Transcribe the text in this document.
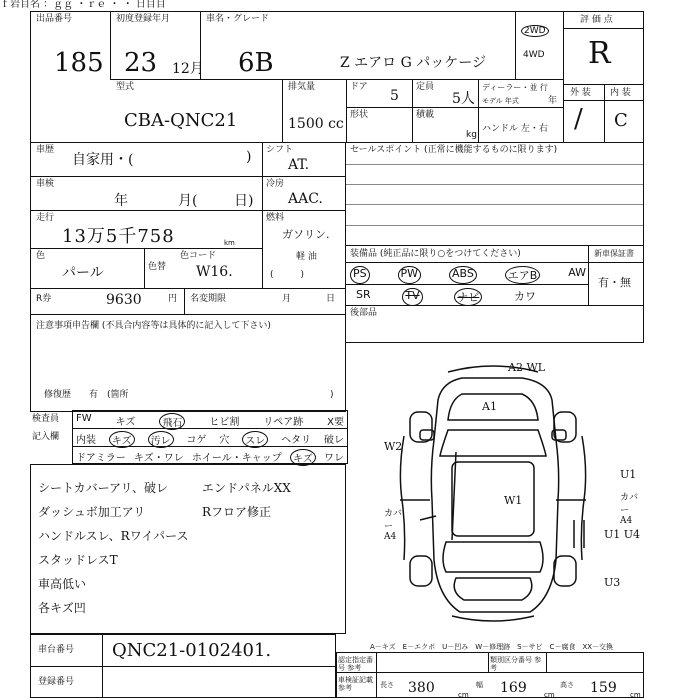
ｆ岩目名 ：ｇｇ ・ｒｅ ・ ・ 日目目
出品番号
185
初度登録年月
23 12月
車名・グレード
6B	Z エアロ G パッケージ
2WD
4WD
評 価 点
R
型式
CBA-QNC21
排気量
1500 cc
ドア
5
定員
5人
ディーラー・並 行
モデル 年式	年
形状	積載
kg
ハンドル 左・右
外 装 内 装
/ C
車歴
自家用・(	)
車検
年	月(	日)
走行
13万5千758	km
色
パール	色替
色コード
W16.
R券	9630	円 名変期限	月	日
注意事項申告欄 (不具合内容等は具体的に記入して下さい)
修復歴　　有　(箇所	)
シフト
AT.
冷房
AAC.
燃料
ガソリン.
軽 油
(　　　)
セールスポイント (正常に機能するものに限ります)
装備品 (純正品に限り○をつけてください)	新車保証書
有・無
PS	PW	ABS	エアB	AW
SR	TV	ナビ	カワ
後部品
検査員
記入欄
FW キズ	飛石	ヒビ割 リペア跡 X要
内装	キズ	汚レ	コゲ 穴	スレ	ヘタリ 破レ
ドアミラー キズ・ワレ ホイール・キャップ	キズ	ワレ
シートカバーアリ、破レ
ダッシュボ加工アリ
ハンドルスレ、Rワイパース
スタッドレスT
車高低い
各キズ凹
エンドパネルXX
Rフロア修正
A2 WL
A1
W2
U1
W1
カバー A4
カバー A4
U1 U4
U3
A－キズ　E－エクボ　U－凹み　W－修理跡　S－サビ　C－腐食　XX－交換
車台番号 QNC21-0102401.
登録番号
認定指定番号 参考
類別区分番号 参考
車検証記載 参考	長さ 380	cm
幅 169 cm
高さ 159 cm
